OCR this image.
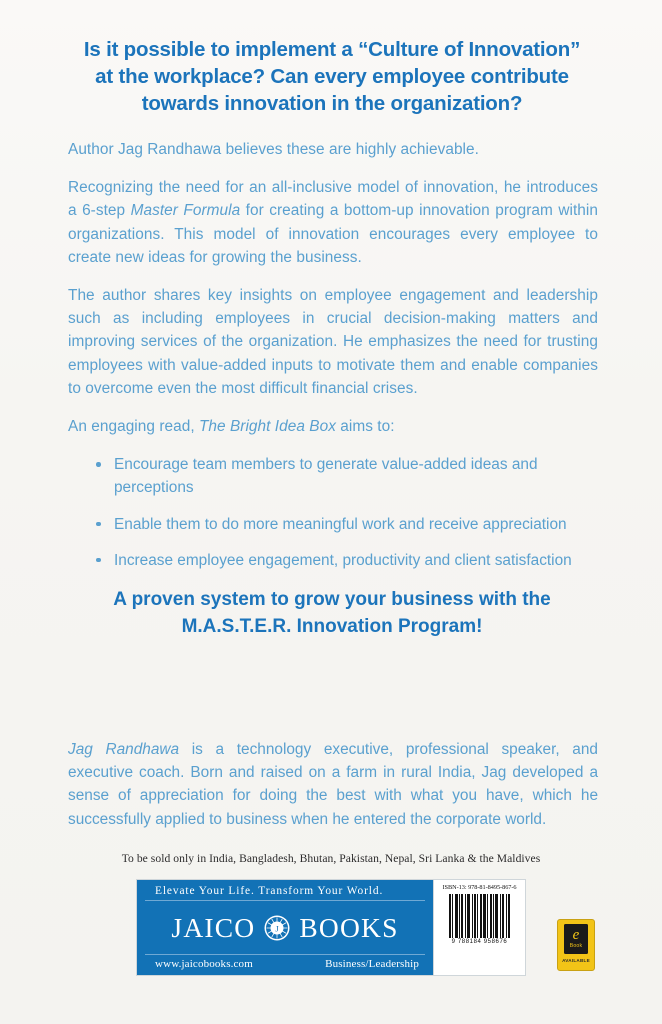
Is it possible to implement a “Culture of Innovation”
at the workplace? Can every employee contribute
towards innovation in the organization?

Author Jag Randhawa believes these are highly achievable.

Recognizing the need for an all-inclusive model of innovation, he introduces a 6-step Master Formula for creating a bottom-up innovation program within organizations. This model of innovation encourages every employee to create new ideas for growing the business.

The author shares key insights on employee engagement and leadership such as including employees in crucial decision-making matters and improving services of the organization. He emphasizes the need for trusting employees with value-added inputs to motivate them and enable companies to overcome even the most difficult financial crises.

An engaging read, The Bright Idea Box aims to:

Encourage team members to generate value-added ideas and perceptions
Enable them to do more meaningful work and receive appreciation
Increase employee engagement, productivity and client satisfaction
A proven system to grow your business with the
M.A.S.T.E.R. Innovation Program!
Jag Randhawa is a technology executive, professional speaker, and executive coach. Born and raised on a farm in rural India, Jag developed a sense of appreciation for doing the best with what you have, which he successfully applied to business when he entered the corporate world.
To be sold only in India, Bangladesh, Bhutan, Pakistan, Nepal, Sri Lanka & the Maldives
Elevate Your Life. Transform Your World.
JAICO J BOOKS
www.jaicobooks.com	Business/Leadership
ISBN-13: 978-81-8495-867-6
9 788184 958676	e
Book
AVAILABLE
